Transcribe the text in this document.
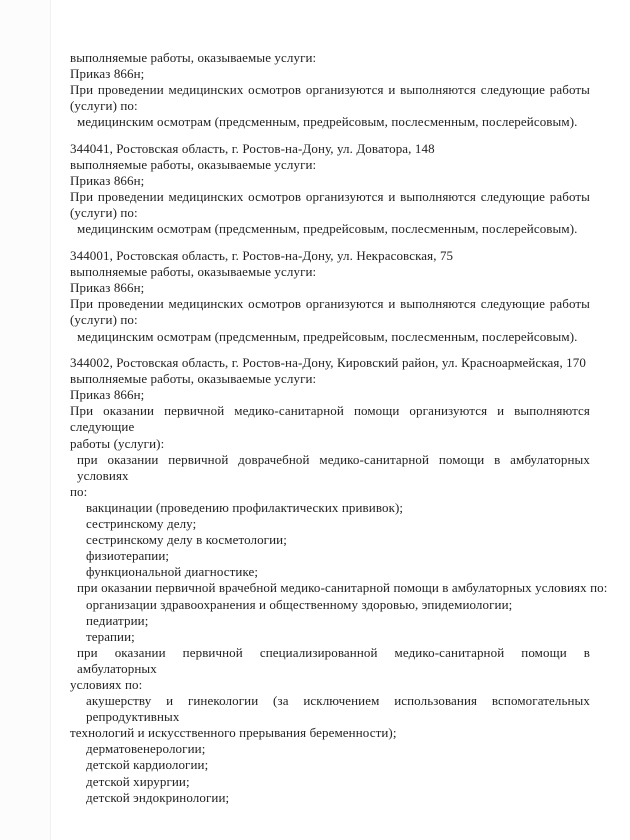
выполняемые работы, оказываемые услуги:
Приказ 866н;
При проведении медицинских осмотров организуются и выполняются следующие работы
(услуги) по:
медицинским осмотрам (предсменным, предрейсовым, послесменным, послерейсовым).
344041, Ростовская область, г. Ростов-на-Дону, ул. Доватора, 148
выполняемые работы, оказываемые услуги:
Приказ 866н;
При проведении медицинских осмотров организуются и выполняются следующие работы
(услуги) по:
медицинским осмотрам (предсменным, предрейсовым, послесменным, послерейсовым).
344001, Ростовская область, г. Ростов-на-Дону, ул. Некрасовская, 75
выполняемые работы, оказываемые услуги:
Приказ 866н;
При проведении медицинских осмотров организуются и выполняются следующие работы
(услуги) по:
медицинским осмотрам (предсменным, предрейсовым, послесменным, послерейсовым).
344002, Ростовская область, г. Ростов-на-Дону, Кировский район, ул. Красноармейская, 170
выполняемые работы, оказываемые услуги:
Приказ 866н;
При оказании первичной медико-санитарной помощи организуются и выполняются следующие
работы (услуги):
при оказании первичной доврачебной медико-санитарной помощи в амбулаторных условиях
по:
вакцинации (проведению профилактических прививок);
сестринскому делу;
сестринскому делу в косметологии;
физиотерапии;
функциональной диагностике;
при оказании первичной врачебной медико-санитарной помощи в амбулаторных условиях по:
организации здравоохранения и общественному здоровью, эпидемиологии;
педиатрии;
терапии;
при оказании первичной специализированной медико-санитарной помощи в амбулаторных
условиях по:
акушерству и гинекологии (за исключением использования вспомогательных репродуктивных
технологий и искусственного прерывания беременности);
дерматовенерологии;
детской кардиологии;
детской хирургии;
детской эндокринологии;
